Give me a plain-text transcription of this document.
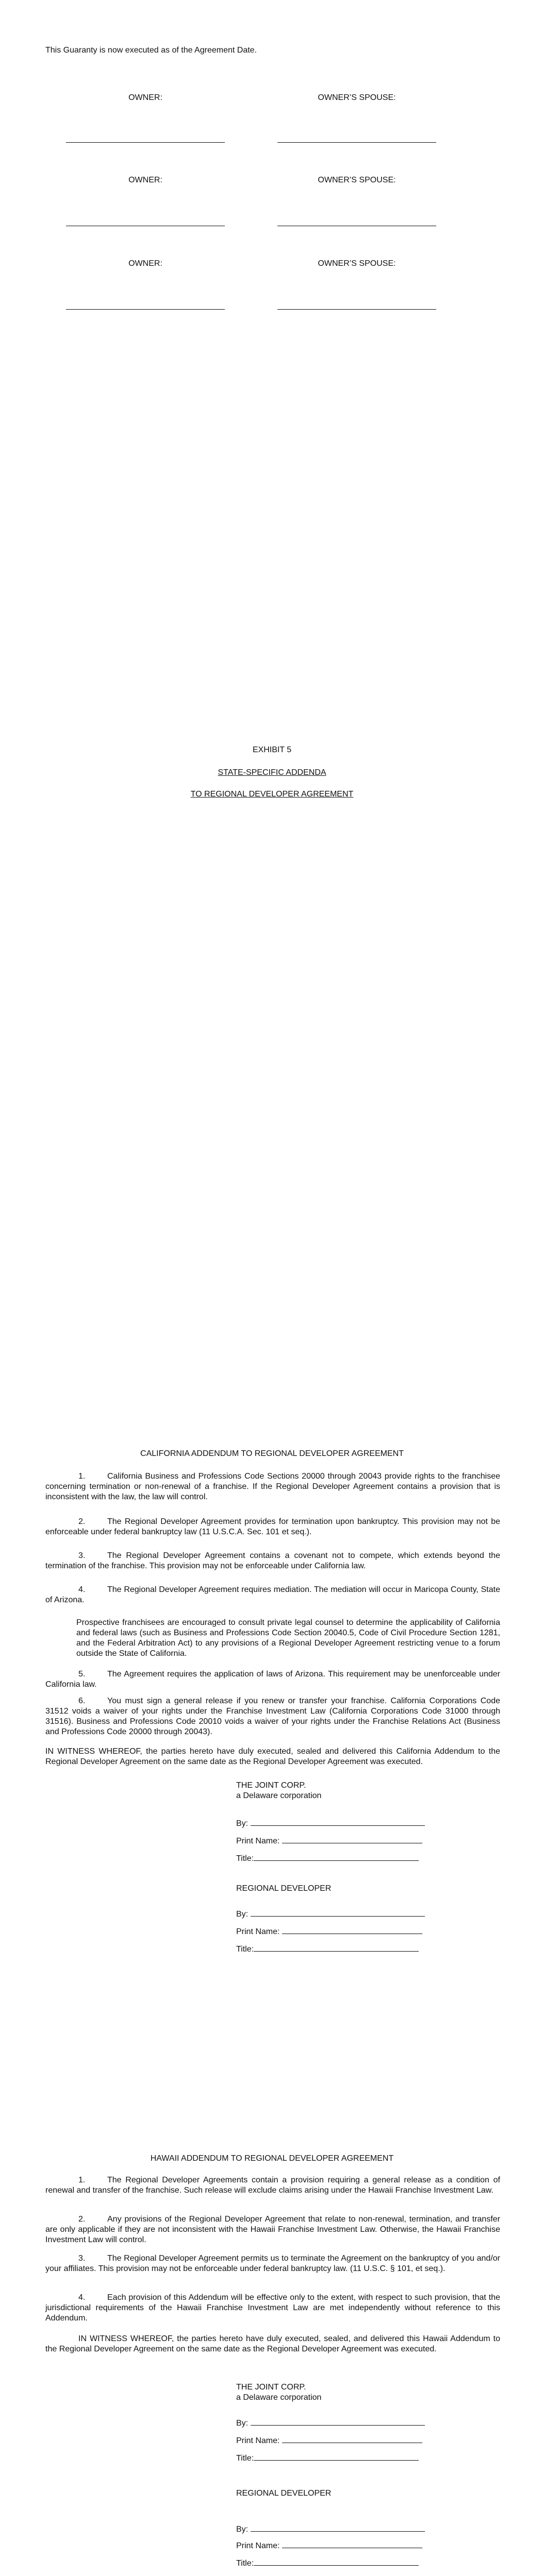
This Guaranty is now executed as of the Agreement Date.
OWNER:	OWNER’S SPOUSE:
OWNER:	OWNER’S SPOUSE:
OWNER:	OWNER’S SPOUSE:
EXHIBIT 5
STATE-SPECIFIC ADDENDA
TO REGIONAL DEVELOPER AGREEMENT
CALIFORNIA ADDENDUM TO REGIONAL DEVELOPER AGREEMENT
1.	California Business and Professions Code Sections 20000 through 20043 provide rights to the franchisee concerning termination or non-renewal of a franchise. If the Regional Developer Agreement contains a provision that is inconsistent with the law, the law will control.
2.	The Regional Developer Agreement provides for termination upon bankruptcy. This provision may not be enforceable under federal bankruptcy law (11 U.S.C.A. Sec. 101 et seq.).
3.	The Regional Developer Agreement contains a covenant not to compete, which extends beyond the termination of the franchise. This provision may not be enforceable under California law.
4.	The Regional Developer Agreement requires mediation. The mediation will occur in Maricopa County, State of Arizona.
Prospective franchisees are encouraged to consult private legal counsel to determine the applicability of California and federal laws (such as Business and Professions Code Section 20040.5, Code of Civil Procedure Section 1281, and the Federal Arbitration Act) to any provisions of a Regional Developer Agreement restricting venue to a forum outside the State of California.
5.	The Agreement requires the application of laws of Arizona. This requirement may be unenforceable under California law.
6.	You must sign a general release if you renew or transfer your franchise. California Corporations Code 31512 voids a waiver of your rights under the Franchise Investment Law (California Corporations Code 31000 through 31516). Business and Professions Code 20010 voids a waiver of your rights under the Franchise Relations Act (Business and Professions Code 20000 through 20043).
IN WITNESS WHEREOF, the parties hereto have duly executed, sealed and delivered this California Addendum to the Regional Developer Agreement on the same date as the Regional Developer Agreement was executed.
THE JOINT CORP.
a Delaware corporation
By:
Print Name:
Title:
REGIONAL DEVELOPER
By:
Print Name:
Title:
HAWAII ADDENDUM TO REGIONAL DEVELOPER AGREEMENT
1.	The Regional Developer Agreements contain a provision requiring a general release as a condition of renewal and transfer of the franchise. Such release will exclude claims arising under the Hawaii Franchise Investment Law.
2.	Any provisions of the Regional Developer Agreement that relate to non-renewal, termination, and transfer are only applicable if they are not inconsistent with the Hawaii Franchise Investment Law. Otherwise, the Hawaii Franchise Investment Law will control.
3.	The Regional Developer Agreement permits us to terminate the Agreement on the bankruptcy of you and/or your affiliates. This provision may not be enforceable under federal bankruptcy law. (11 U.S.C. § 101, et seq.).
4.	Each provision of this Addendum will be effective only to the extent, with respect to such provision, that the jurisdictional requirements of the Hawaii Franchise Investment Law are met independently without reference to this Addendum.
IN WITNESS WHEREOF, the parties hereto have duly executed, sealed, and delivered this Hawaii Addendum to the Regional Developer Agreement on the same date as the Regional Developer Agreement was executed.
THE JOINT CORP.
a Delaware corporation
By:
Print Name:
Title:
REGIONAL DEVELOPER
By:
Print Name:
Title:
